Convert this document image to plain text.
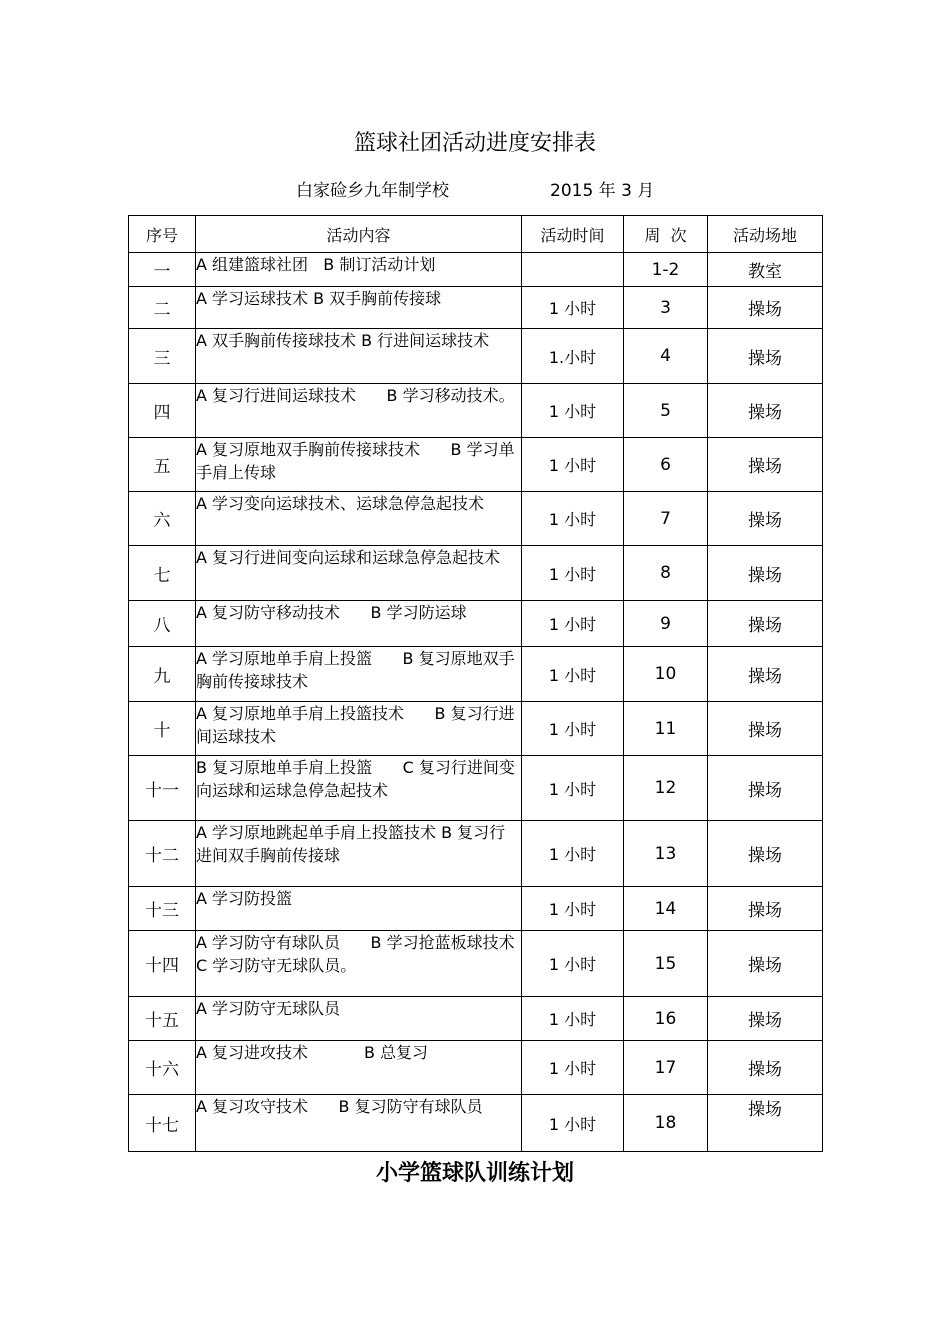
篮球社团活动进度安排表
白家硷乡九年制学校	2015 年 3 月
序号	活动内容	活动时间	周  次	活动场地
一	A 组建篮球社团   B 制订活动计划		1-2	教室
二	A 学习运球技术 B 双手胸前传接球	1 小时	3	操场
三	A 双手胸前传接球技术 B 行进间运球技术	1.小时	4	操场
四	A 复习行进间运球技术      B 学习移动技术。	1 小时	5	操场
五	A 复习原地双手胸前传接球技术      B 学习单手肩上传球	1 小时	6	操场
六	A 学习变向运球技术、运球急停急起技术	1 小时	7	操场
七	A 复习行进间变向运球和运球急停急起技术	1 小时	8	操场
八	A 复习防守移动技术      B 学习防运球	1 小时	9	操场
九	A 学习原地单手肩上投篮      B 复习原地双手胸前传接球技术	1 小时	10	操场
十	A 复习原地单手肩上投篮技术      B 复习行进间运球技术	1 小时	11	操场
十一	B 复习原地单手肩上投篮      C 复习行进间变向运球和运球急停急起技术	1 小时	12	操场
十二	A 学习原地跳起单手肩上投篮技术 B 复习行进间双手胸前传接球	1 小时	13	操场
十三	A 学习防投篮	1 小时	14	操场
十四	A 学习防守有球队员      B 学习抢蓝板球技术      C 学习防守无球队员。	1 小时	15	操场
十五	A 学习防守无球队员	1 小时	16	操场
十六	A 复习进攻技术           B 总复习	1 小时	17	操场
十七	A 复习攻守技术      B 复习防守有球队员	1 小时	18	操场
小学篮球队训练计划
